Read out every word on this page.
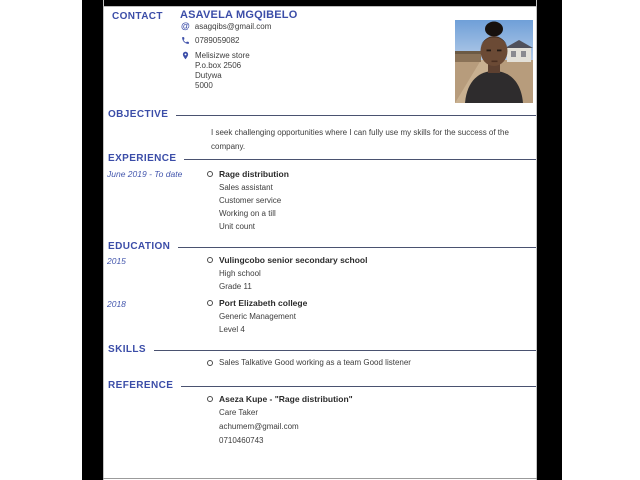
CONTACT ASAVELA MGQIBELO
@ asagqibs@gmail.com
0789059082
Melisizwe store
P.o.box 2506
Dutywa
5000
OBJECTIVE
I seek challenging opportunities where I can fully use my skills for the success of the company.
EXPERIENCE
June 2019 - To date	Rage distribution
Sales assistant
Customer service
Working on a till
Unit count
EDUCATION
2015	Vulingcobo senior secondary school
High school
Grade 11
2018	Port Elizabeth college
Generic Management
Level 4
SKILLS
Sales Talkative Good working as a team Good listener
REFERENCE
Aseza Kupe - "Rage distribution"
Care Taker
achumem@gmail.com
0710460743
